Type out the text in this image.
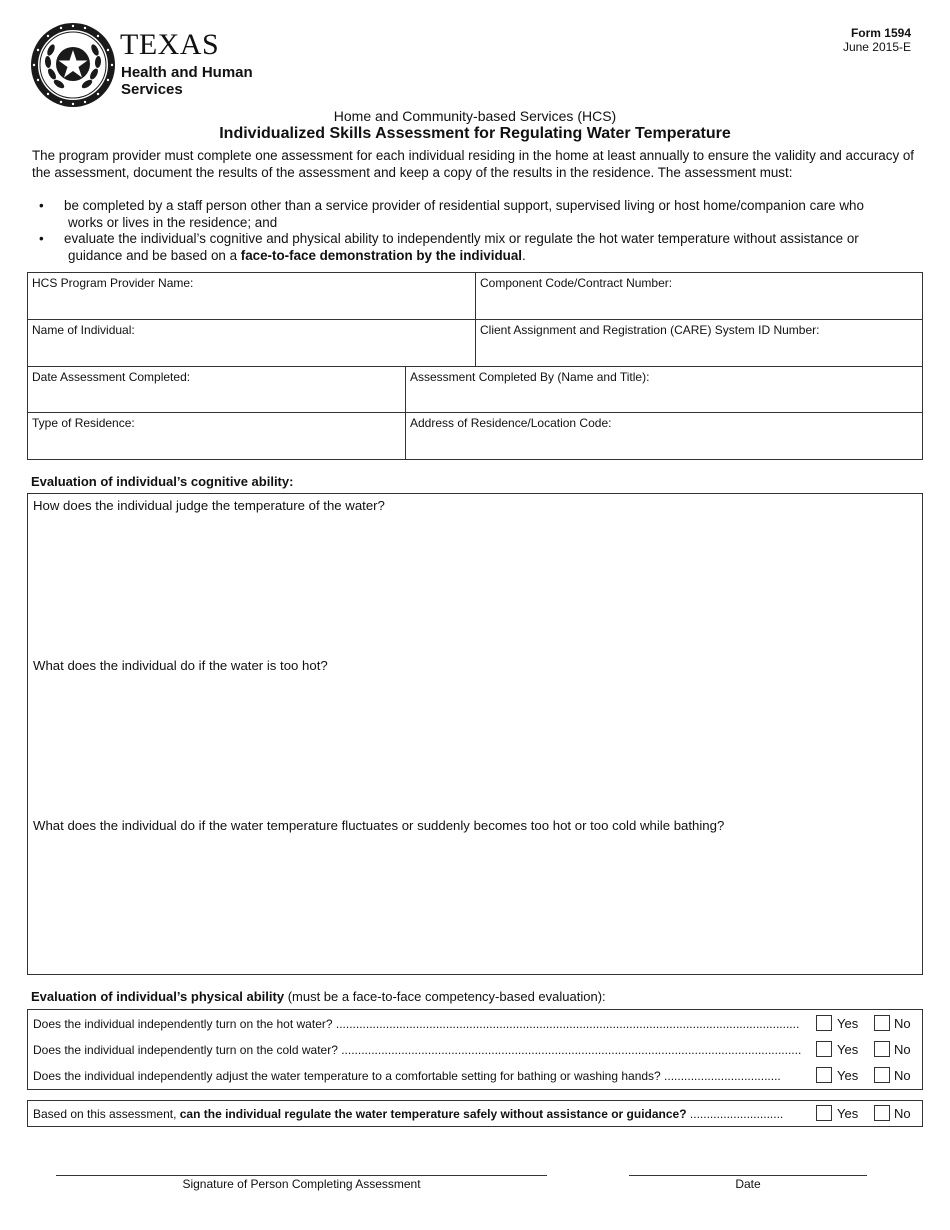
TEXAS
Health and Human
Services
Form 1594
June 2015-E
Home and Community-based Services (HCS)
Individualized Skills Assessment for Regulating Water Temperature
The program provider must complete one assessment for each individual residing in the home at least annually to ensure the validity and accuracy of the assessment, document the results of the assessment and keep a copy of the results in the residence. The assessment must:
• be completed by a staff person other than a service provider of residential support, supervised living or host home/companion care who
works or lives in the residence; and
• evaluate the individual’s cognitive and physical ability to independently mix or regulate the hot water temperature without assistance or
guidance and be based on a face-to-face demonstration by the individual.
HCS Program Provider Name:	Component Code/Contract Number:
Name of Individual:	Client Assignment and Registration (CARE) System ID Number:
Date Assessment Completed:	Assessment Completed By (Name and Title):
Type of Residence:	Address of Residence/Location Code:
Evaluation of individual’s cognitive ability:
How does the individual judge the temperature of the water?
What does the individual do if the water is too hot?
What does the individual do if the water temperature fluctuates or suddenly becomes too hot or too cold while bathing?
Evaluation of individual’s physical ability (must be a face-to-face competency-based evaluation):
Does the individual independently turn on the hot water? ...........................................................................................................................................	Yes	No
Does the individual independently turn on the cold water? ..........................................................................................................................................	Yes	No
Does the individual independently adjust the water temperature to a comfortable setting for bathing or washing hands? ...................................	Yes	No
Based on this assessment, can the individual regulate the water temperature safely without assistance or guidance? ............................	Yes	No
Signature of Person Completing Assessment	Date
